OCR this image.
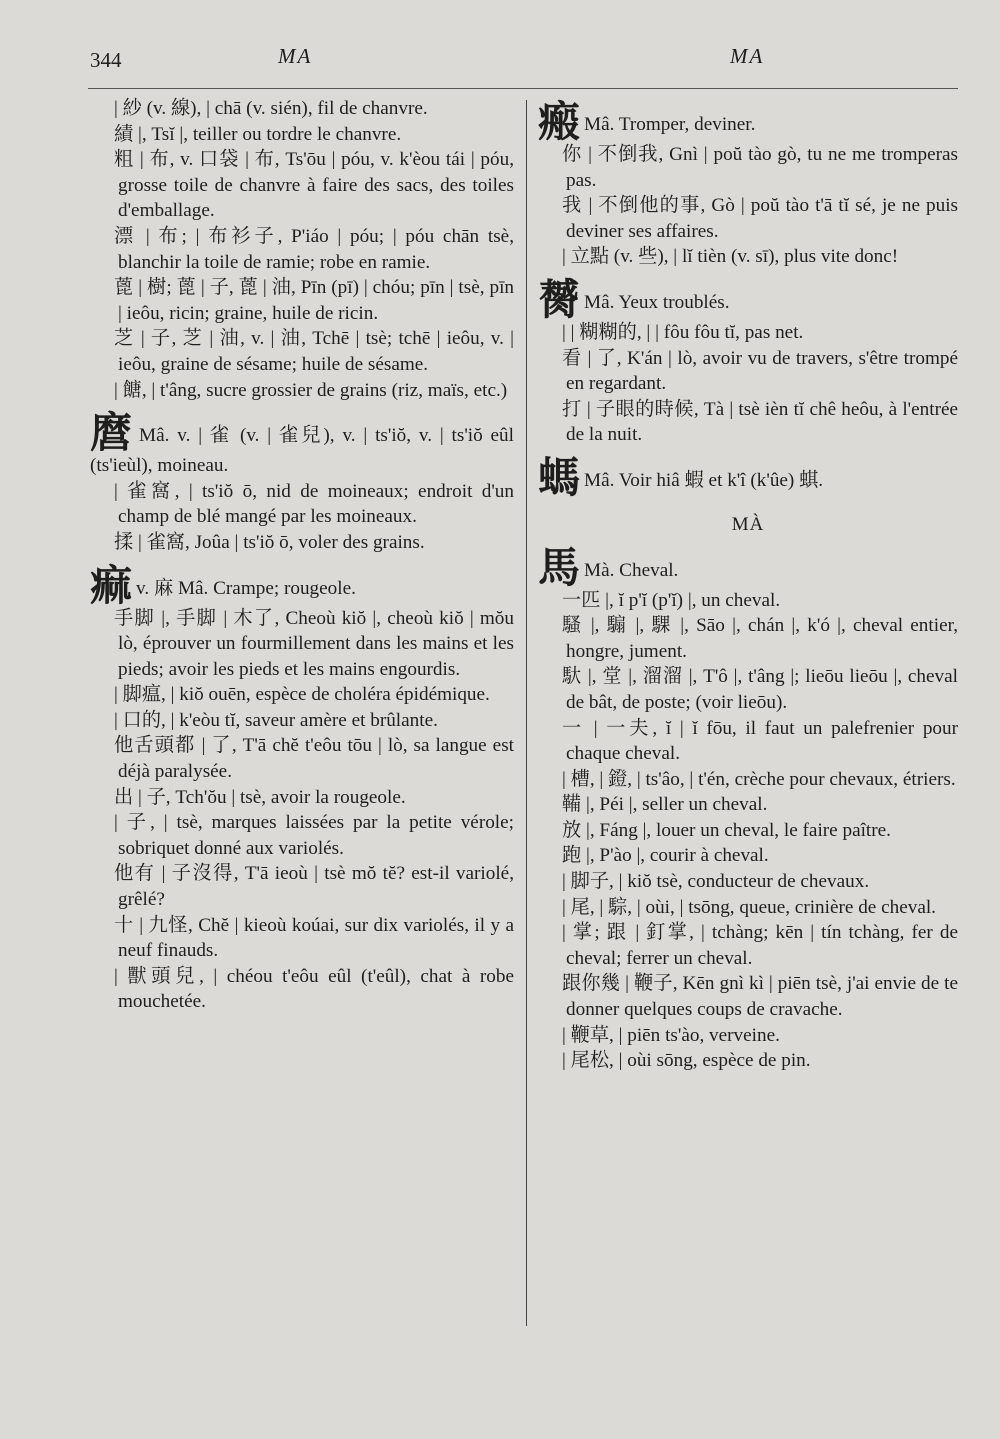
344	MA	MA

| 紗 (v. 線), | chā (v. sién), fil de chanvre.

績 |, Tsĭ |, teiller ou tordre le chanvre.

粗 | 布, v. 口袋 | 布, Ts'ōu | póu, v. k'èou tái | póu, grosse toile de chanvre à faire des sacs, des toiles d'emballage.

漂 | 布; | 布衫子, P'iáo | póu; | póu chān tsè, blanchir la toile de ramie; robe en ramie.

蓖 | 樹; 蓖 | 子, 蓖 | 油, Pīn (pī) | chóu; pīn | tsè, pīn | ieôu, ricin; graine, huile de ricin.

芝 | 子, 芝 | 油, v. | 油, Tchē | tsè; tchē | ieôu, v. | ieôu, graine de sésame; huile de sésame.

| 餹, | t'âng, sucre grossier de grains (riz, maïs, etc.)

麿 Mâ. v. | 雀 (v. | 雀兒), v. | ts'iŏ, v. | ts'iŏ eûl (ts'ieùl), moineau.

| 雀窩, | ts'iŏ ō, nid de moineaux; endroit d'un champ de blé mangé par les moineaux.

揉 | 雀窩, Joûa | ts'iŏ ō, voler des grains.

痲v. 麻 Mâ. Crampe; rougeole.

手脚 |, 手脚 | 木了, Cheoù kiŏ |, cheoù kiŏ | mŏu lò, éprouver un fourmillement dans les mains et les pieds; avoir les pieds et les mains engourdis.

| 脚瘟, | kiŏ ouēn, espèce de choléra épidémique.

| 口的, | k'eòu tĭ, saveur amère et brûlante.

他舌頭都 | 了, T'ā chĕ t'eôu tōu | lò, sa langue est déjà paralysée.

出 | 子, Tch'ŏu | tsè, avoir la rougeole.

| 子, | tsè, marques laissées par la petite vérole; sobriquet donné aux variolés.

他有 | 子沒得, T'ā ieoù | tsè mŏ tĕ? est-il variolé, grêlé?

十 | 九怪, Chĕ | kieoù koúai, sur dix variolés, il y a neuf finauds.

| 獸頭兒, | chéou t'eôu eûl (t'eûl), chat à robe mouchetée.

瘢 Mâ. Tromper, deviner.

你 | 不倒我, Gnì | poŭ tào gò, tu ne me tromperas pas.

我 | 不倒他的事, Gò | poŭ tào t'ā tĭ sé, je ne puis deviner ses affaires.

| 立點 (v. 些), | lĭ tièn (v. sī), plus vite donc!

膥 Mâ. Yeux troublés.

| | 糊糊的, | | fôu fôu tĭ, pas net.

看 | 了, K'án | lò, avoir vu de travers, s'être trompé en regardant.

打 | 子眼的時候, Tà | tsè ièn tĭ chê heôu, à l'entrée de la nuit.

螞 Mâ. Voir hiâ 蝦 et k'î (k'ûe) 蜞.

MÀ

馬 Mà. Cheval.

一匹 |, ĭ p'ĭ (p'ĭ) |, un cheval.

騷 |, 騸 |, 騍 |, Sāo |, chán |, k'ó |, cheval entier, hongre, jument.

馱 |, 堂 |, 溜溜 |, T'ô |, t'âng |; lieōu lieōu |, cheval de bât, de poste; (voir lieōu).

一 | 一夫, ĭ | ĭ fōu, il faut un palefrenier pour chaque cheval.

| 槽, | 鐙, | ts'âo, | t'én, crèche pour chevaux, étriers.

鞴 |, Péi |, seller un cheval.

放 |, Fáng |, louer un cheval, le faire paître.

跑 |, P'ào |, courir à cheval.

| 脚子, | kiŏ tsè, conducteur de chevaux.

| 尾, | 騌, | oùi, | tsōng, queue, crinière de cheval.

| 掌; 跟 | 釘掌, | tchàng; kēn | tín tchàng, fer de cheval; ferrer un cheval.

跟你幾 | 鞭子, Kēn gnì kì | piēn tsè, j'ai envie de te donner quelques coups de cravache.

| 鞭草, | piēn ts'ào, verveine.

| 尾松, | oùi sōng, espèce de pin.
